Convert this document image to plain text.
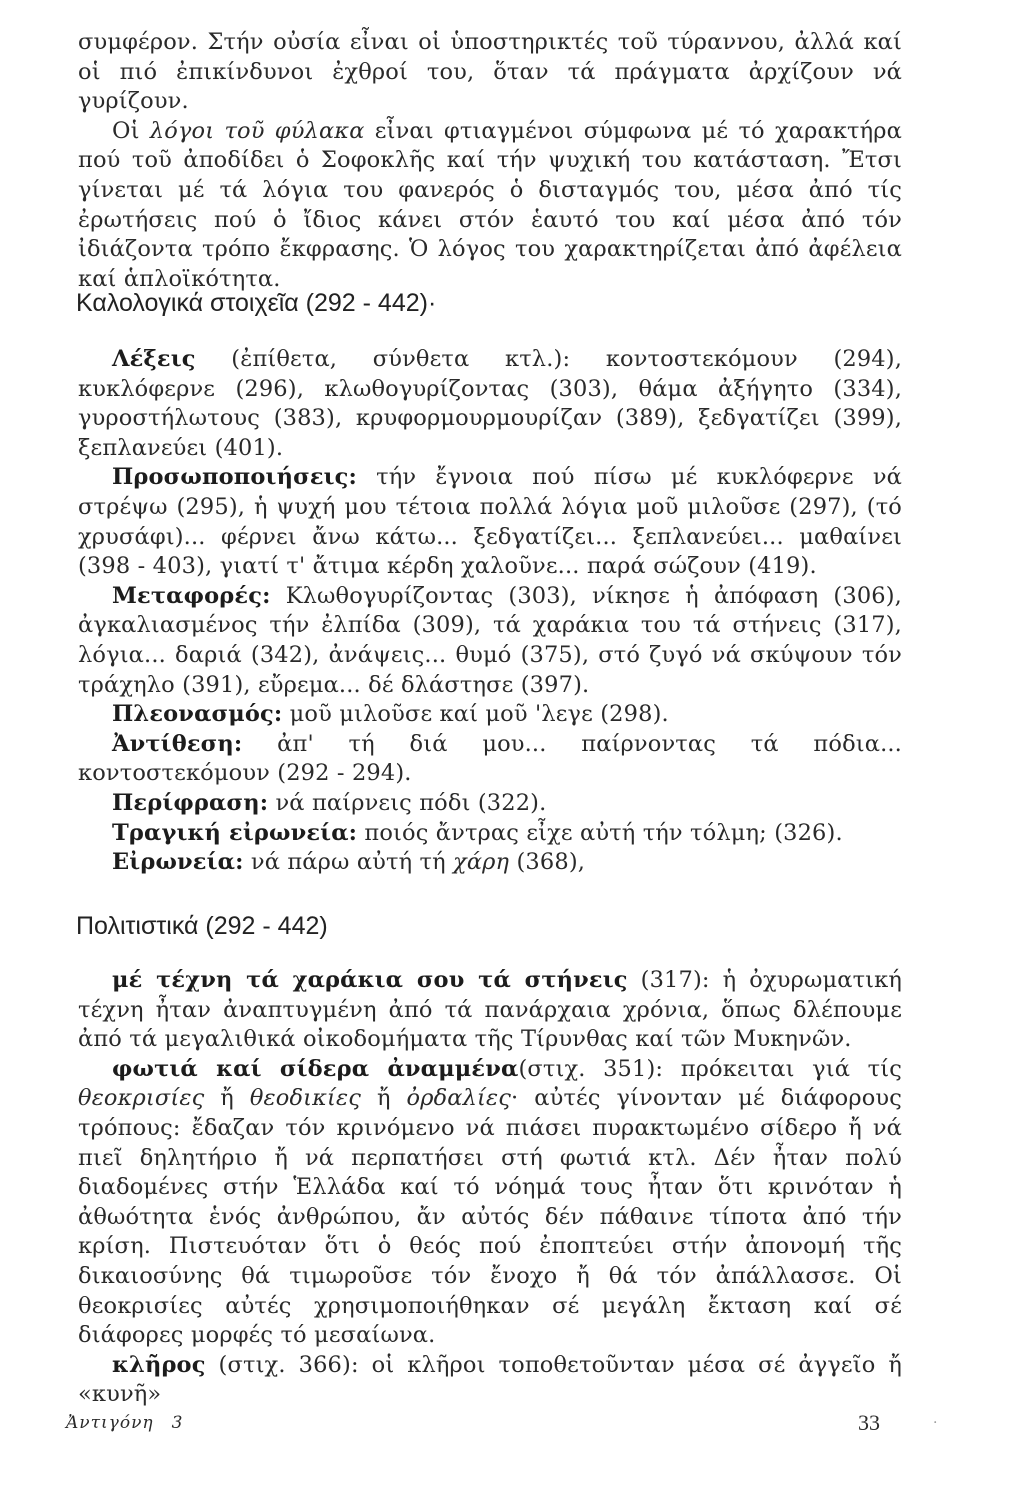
συμφέρον. Στήν οὐσία εἶναι οἱ ὑποστηρικτές τοῦ τύραννου, ἀλλά καί οἱ πιό ἐπικίνδυνοι ἐχθροί του, ὅταν τά πράγματα ἀρχίζουν νά γυρίζουν.

Οἱ λόγοι τοῦ φύλακα εἶναι φτιαγμένοι σύμφωνα μέ τό χαρακτήρα πού τοῦ ἀποδίδει ὁ Σοφοκλῆς καί τήν ψυχική του κατάσταση. Ἔτσι γίνεται μέ τά λόγια του φανερός ὁ δισταγμός του, μέσα ἀπό τίς ἐρωτήσεις πού ὁ ἴδιος κάνει στόν ἑαυτό του καί μέσα ἀπό τόν ἰδιάζοντα τρόπο ἔκφρασης. Ὁ λόγος του χαρακτηρίζεται ἀπό ἀφέλεια καί ἁπλοϊκότητα.

Καλολογικά στοιχεῖα (292 - 442)·

Λέξεις (ἐπίθετα, σύνθετα κτλ.): κοντοστεκόμουν (294), κυκλόφερνε (296), κλωθογυρίζοντας (303), θάμα ἀξήγητο (334), γυροστήλωτους (383), κρυφορμουρμουρίζαν (389), ξεδγατίζει (399), ξεπλανεύει (401).

Προσωποποιήσεις: τήν ἔγνοια πού πίσω μέ κυκλόφερνε νά στρέψω (295), ἡ ψυχή μου τέτοια πολλά λόγια μοῦ μιλοῦσε (297), (τό χρυσάφι)... φέρνει ἄνω κάτω... ξεδγατίζει... ξεπλανεύει... μαθαίνει (398 - 403), γιατί τ' ἄτιμα κέρδη χαλοῦνε... παρά σώζουν (419).

Μεταφορές: Κλωθογυρίζοντας (303), νίκησε ἡ ἀπόφαση (306), ἀγκαλιασμένος τήν ἐλπίδα (309), τά χαράκια του τά στήνεις (317), λόγια... δαριά (342), ἀνάψεις... θυμό (375), στό ζυγό νά σκύψουν τόν τράχηλο (391), εὔρεμα... δέ δλάστησε (397).

Πλεονασμός: μοῦ μιλοῦσε καί μοῦ 'λεγε (298).

Ἀντίθεση: ἀπ' τή διά μου... παίρνοντας τά πόδια... κοντοστεκόμουν (292 - 294).

Περίφραση: νά παίρνεις πόδι (322).

Τραγική εἰρωνεία: ποιός ἄντρας εἶχε αὐτή τήν τόλμη; (326).

Εἰρωνεία: νά πάρω αὐτή τή χάρη (368),

Πολιτιστικά (292 - 442)

μέ τέχνη τά χαράκια σου τά στήνεις (317): ἡ ὀχυρωματική τέχνη ἦταν ἀναπτυγμένη ἀπό τά πανάρχαια χρόνια, ὅπως δλέπουμε ἀπό τά μεγαλιθικά οἰκοδομήματα τῆς Τίρυνθας καί τῶν Μυκηνῶν.

φωτιά καί σίδερα ἀναμμένα(στιχ. 351): πρόκειται γιά τίς θεοκρισίες ἤ θεοδικίες ἤ ὀρδαλίες· αὐτές γίνονταν μέ διάφορους τρόπους: ἔδαζαν τόν κρινόμενο νά πιάσει πυρακτωμένο σίδερο ἤ νά πιεῖ δηλητήριο ἤ νά περπατήσει στή φωτιά κτλ. Δέν ἦταν πολύ διαδομένες στήν Ἑλλάδα καί τό νόημά τους ἦταν ὅτι κρινόταν ἡ ἀθωότητα ἑνός ἀνθρώπου, ἄν αὐτός δέν πάθαινε τίποτα ἀπό τήν κρίση. Πιστευόταν ὅτι ὁ θεός πού ἐποπτεύει στήν ἀπονομή τῆς δικαιοσύνης θά τιμωροῦσε τόν ἔνοχο ἤ θά τόν ἀπάλλασσε. Οἱ θεοκρισίες αὐτές χρησιμοποιήθηκαν σέ μεγάλη ἔκταση καί σέ διάφορες μορφές τό μεσαίωνα.

κλῆρος (στιχ. 366): οἱ κλῆροι τοποθετοῦνταν μέσα σέ ἀγγεῖο ἤ «κυνῆ»

Ἀντιγόνη 3	33	·
